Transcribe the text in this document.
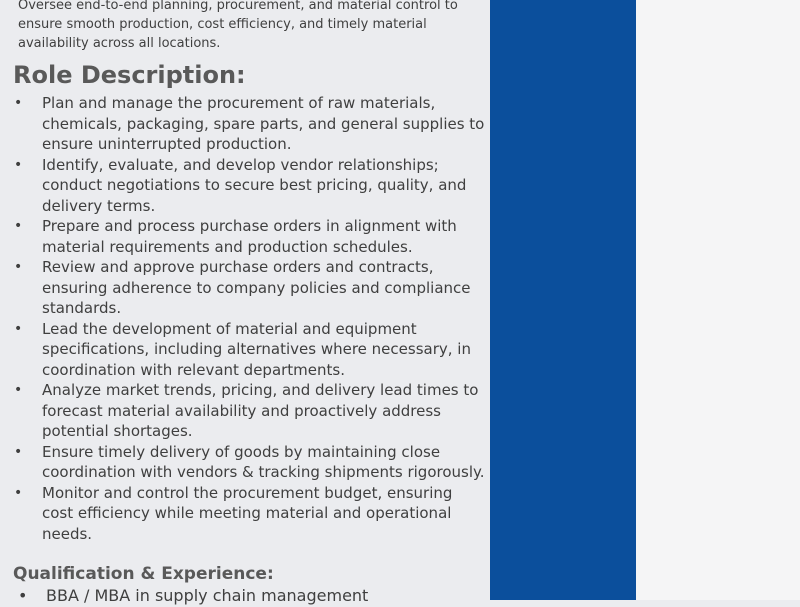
Oversee end-to-end planning, procurement, and material control to ensure smooth production, cost efficiency, and timely material availability across all locations.

Role Description:
• Plan and manage the procurement of raw materials, chemicals, packaging, spare parts, and general supplies to ensure uninterrupted production.
• Identify, evaluate, and develop vendor relationships; conduct negotiations to secure best pricing, quality, and delivery terms.
• Prepare and process purchase orders in alignment with material requirements and production schedules.
• Review and approve purchase orders and contracts, ensuring adherence to company policies and compliance standards.
• Lead the development of material and equipment specifications, including alternatives where necessary, in coordination with relevant departments.
• Analyze market trends, pricing, and delivery lead times to forecast material availability and proactively address potential shortages.
• Ensure timely delivery of goods by maintaining close coordination with vendors & tracking shipments rigorously.
• Monitor and control the procurement budget, ensuring cost efficiency while meeting material and operational needs.
Qualification & Experience:
• BBA / MBA in supply chain management
